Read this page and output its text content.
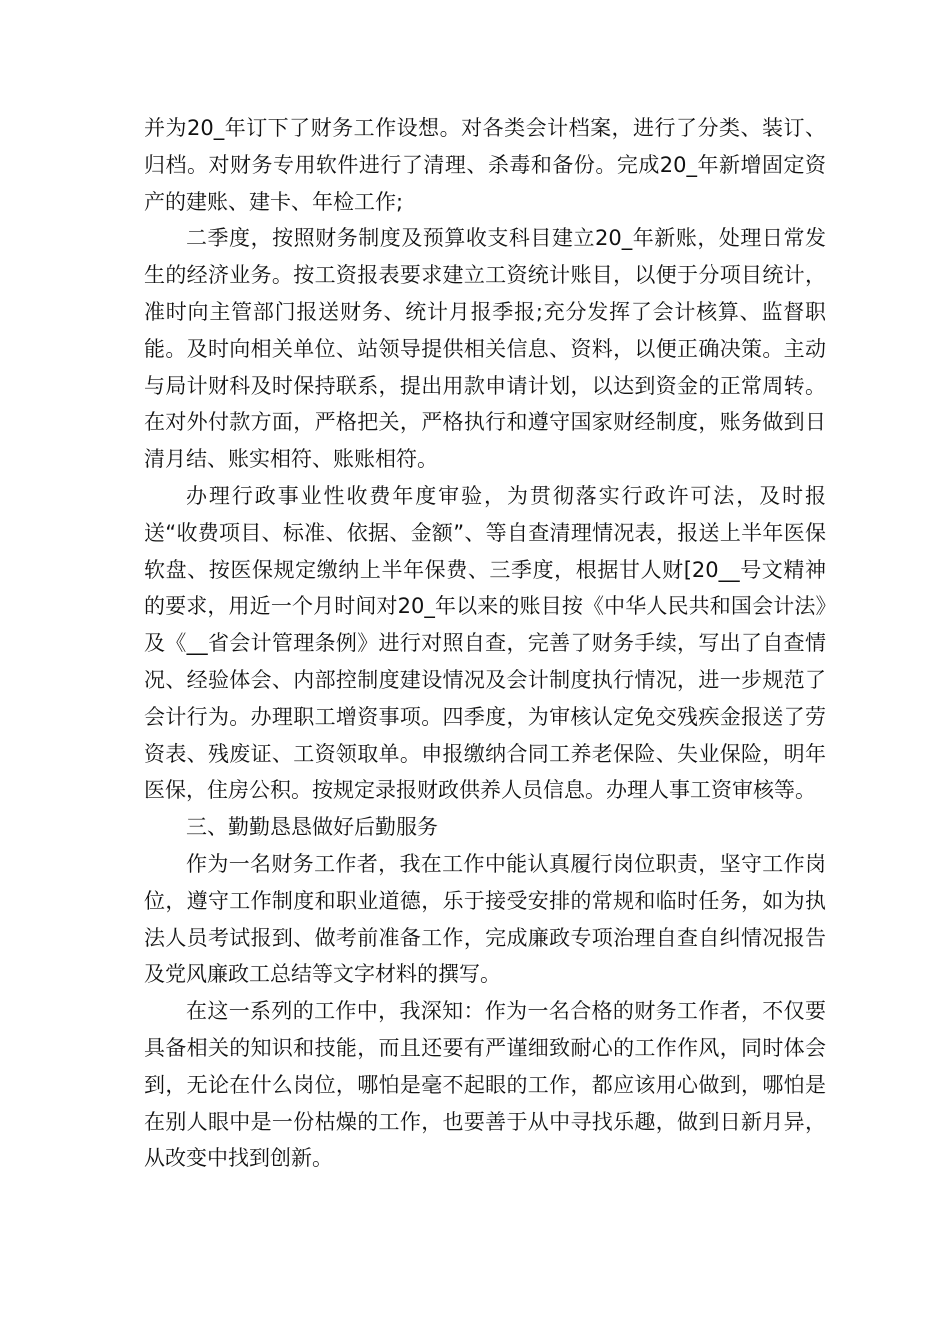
并为20_年订下了财务工作设想。对各类会计档案，进行了分类、装订、归档。对财务专用软件进行了清理、杀毒和备份。完成20_年新增固定资产的建账、建卡、年检工作;

二季度，按照财务制度及预算收支科目建立20_年新账，处理日常发生的经济业务。按工资报表要求建立工资统计账目，以便于分项目统计，准时向主管部门报送财务、统计月报季报;充分发挥了会计核算、监督职能。及时向相关单位、站领导提供相关信息、资料，以便正确决策。主动与局计财科及时保持联系，提出用款申请计划，以达到资金的正常周转。在对外付款方面，严格把关，严格执行和遵守国家财经制度，账务做到日清月结、账实相符、账账相符。

办理行政事业性收费年度审验，为贯彻落实行政许可法，及时报送“收费项目、标准、依据、金额”、等自查清理情况表，报送上半年医保软盘、按医保规定缴纳上半年保费、三季度，根据甘人财[20__号文精神的要求，用近一个月时间对20_年以来的账目按《中华人民共和国会计法》及《__省会计管理条例》进行对照自查，完善了财务手续，写出了自查情况、经验体会、内部控制度建设情况及会计制度执行情况，进一步规范了会计行为。办理职工增资事项。四季度，为审核认定免交残疾金报送了劳资表、残废证、工资领取单。申报缴纳合同工养老保险、失业保险，明年医保，住房公积。按规定录报财政供养人员信息。办理人事工资审核等。

三、勤勤恳恳做好后勤服务

作为一名财务工作者，我在工作中能认真履行岗位职责，坚守工作岗位，遵守工作制度和职业道德，乐于接受安排的常规和临时任务，如为执法人员考试报到、做考前准备工作，完成廉政专项治理自查自纠情况报告及党风廉政工总结等文字材料的撰写。

在这一系列的工作中，我深知：作为一名合格的财务工作者，不仅要具备相关的知识和技能，而且还要有严谨细致耐心的工作作风，同时体会到，无论在什么岗位，哪怕是毫不起眼的工作，都应该用心做到，哪怕是在别人眼中是一份枯燥的工作，也要善于从中寻找乐趣，做到日新月异，从改变中找到创新。
